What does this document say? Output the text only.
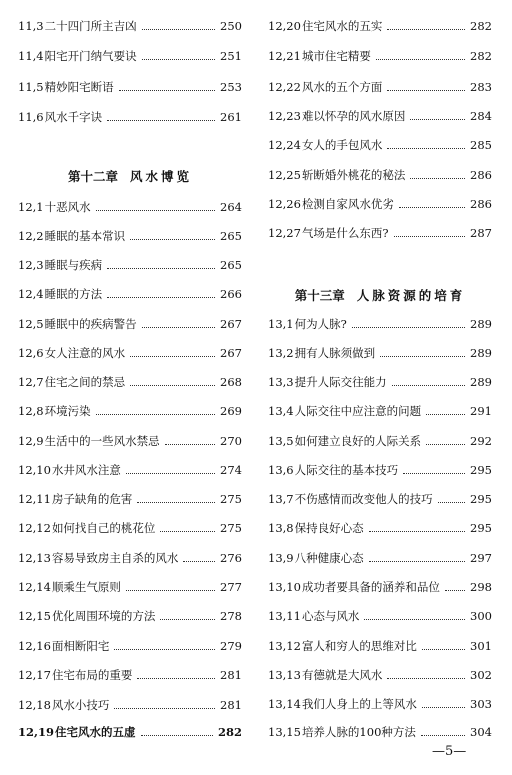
11,3 二十四门所主吉凶	250
11,4 阳宅开门纳气要诀	251
11,5 精妙阳宅断语	253
11,6 风水千字诀	261
第十二章 风水博览
12,1 十恶风水	264
12,2 睡眠的基本常识	265
12,3 睡眠与疾病	265
12,4 睡眠的方法	266
12,5 睡眠中的疾病警告	267
12,6 女人注意的风水	267
12,7 住宅之间的禁忌	268
12,8 环境污染	269
12,9 生活中的一些风水禁忌	270
12,10 水井风水注意	274
12,11 房子缺角的危害	275
12,12 如何找自己的桃花位	275
12,13 容易导致房主自杀的风水	276
12,14 顺乘生气原则	277
12,15 优化周围环境的方法	278
12,16 面相断阳宅	279
12,17 住宅布局的重要	281
12,18 风水小技巧	281
12,19 住宅风水的五虚	282
12,20 住宅风水的五实	282
12,21 城市住宅精要	282
12,22 风水的五个方面	283
12,23 难以怀孕的风水原因	284
12,24 女人的手包风水	285
12,25 斩断婚外桃花的秘法	286
12,26 检测自家风水优劣	286
12,27 气场是什么东西?	287
第十三章 人脉资源的培育
13,1 何为人脉?	289
13,2 拥有人脉须做到	289
13,3 提升人际交往能力	289
13,4 人际交往中应注意的问题	291
13,5 如何建立良好的人际关系	292
13,6 人际交往的基本技巧	295
13,7 不伤感情而改变他人的技巧	295
13,8 保持良好心态	295
13,9 八种健康心态	297
13,10 成功者要具备的涵养和品位	298
13,11 心态与风水	300
13,12 富人和穷人的思维对比	301
13,13 有德就是大风水	302
13,14 我们人身上的上等风水	303
13,15 培养人脉的100种方法	304
—5—
